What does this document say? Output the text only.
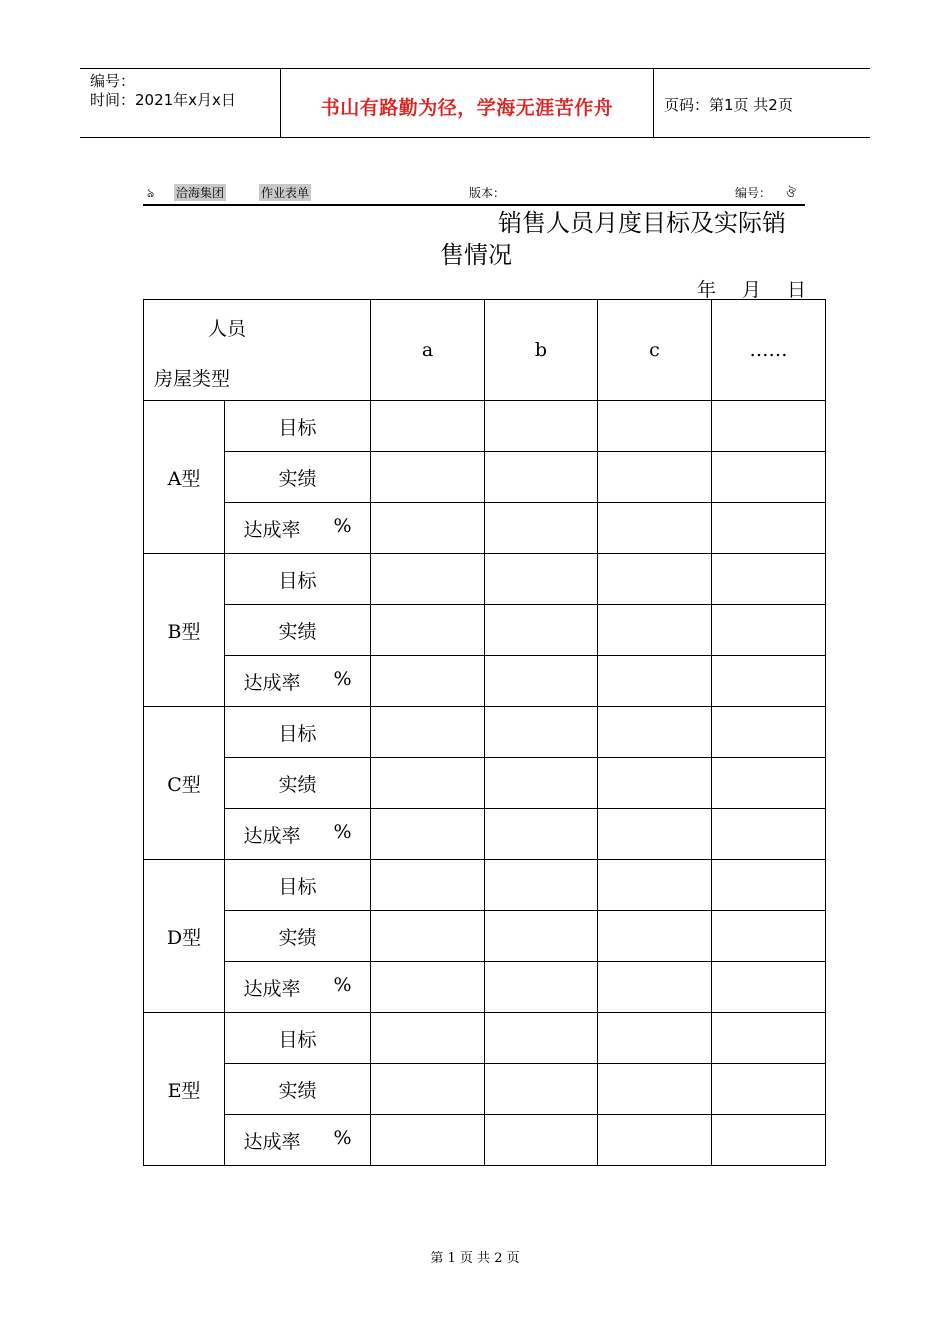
编号：
时间：2021年x月x日	书山有路勤为径，学海无涯苦作舟	页码：第1页 共2页
ঌ 洽海集团	作业表单	版本：	编号： ঔ
销售人员月度目标及实际销
售情况
年 月 日
人员
房屋类型		a	b	c	……
A型	目标				
	实绩				
	达成率 %				

B型	目标				
	实绩				
	达成率 %				

C型	目标				
	实绩				
	达成率 %				

D型	目标				
	实绩				
	达成率 %				

E型	目标				
	实绩				
	达成率 %				

第 1 页 共 2 页
